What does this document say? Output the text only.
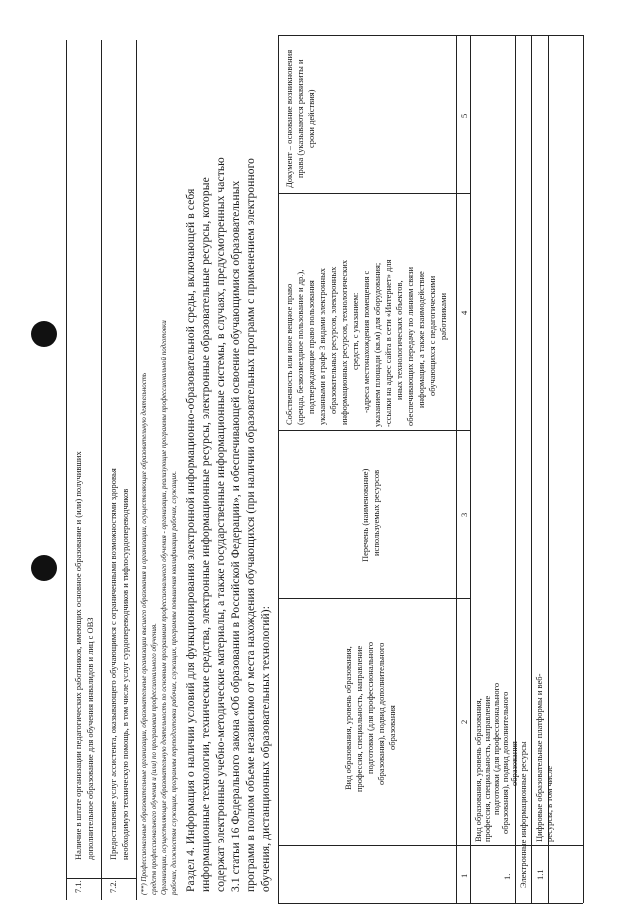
7.1.
Наличие в штате организации педагогических работников, имеющих основное образование и (или) получивших дополнительное образование для обучения инвалидов и лиц с ОВЗ
7.2.
Предоставление услуг ассистента, оказывающего обучающимся с ограниченными возможностями здоровья необходимую техническую помощь, в том числе услуг сурдопереводчиков и тифлосурдопереводчиков (**) Профессиональные образовательные организации, образовательные организации высшего образования и организации, осуществляющие образовательную деятельность средств профессионального обучения и (или) по программам профессионального обучения. Организации, осуществляющие образовательную деятельность по основным программам профессионального обучения - организации, реализующие программы профессиональной подготовки рабочих, должностям служащих, программы переподготовки рабочих, служащих, программы повышения квалификации рабочих, служащих. Раздел 4. Информация о наличии условий для функционирования электронной информационно-образовательной среды, включающей в себя информационные технологии, технические средства, электронные информационные ресурсы, электронные образовательные ресурсы, которые содержат электронные учебно-методические материалы, а также государственные информационные системы, в случаях, предусмотренных частью 3.1 статьи 16 Федерального закона «Об образовании в Российской Федерации», и обеспечивающей освоение обучающимися образовательных программ в полном объеме независимо от места нахождения обучающихся (при наличии образовательных программ с применением электронного обучения, дистанционных образовательных технологий):	Вид образования, уровень образования, профессия, специальность, направление подготовки (для профессионального образования), подвид дополнительного образования
Перечень (наименование) используемых ресурсов
Собственность или иное вещное право (аренда, безвозмездное пользование и др.), подтверждающие право пользования указанными в графе 3 видами электронных образовательных ресурсов, электронных информационных ресурсов, технологических средств, с указанием: -адреса местонахождения помещения с указанием площади (кв.м) для оборудования; -ссылки на адрес сайта в сети «Интернет» для иных технологических объектов, обеспечивающих передачу по линиям связи информации, а также взаимодействие обучающихся с педагогическими работниками
Документ – основание возникновения права (указываются реквизиты и сроки действия)
1
2
3
4
5
1.
Вид образования, уровень образования, профессия, специальность, направление подготовки (для профессионального образования), подвид дополнительного образования Электронные информационные ресурсы 1.1
Цифровые образовательные платформы и веб- ресурсы, в том числе
